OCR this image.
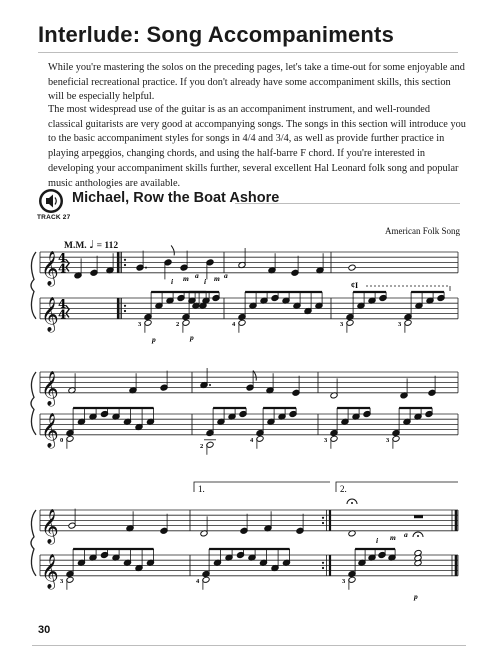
Interlude: Song Accompaniments

While you're mastering the solos on the preceding pages, let's take a time-out for some enjoyable and beneficial recreational practice. If you don't already have some accompaniment skills, this section will be especially helpful.

The most widespread use of the guitar is as an accompaniment instrument, and well-rounded classical guitarists are very good at accompanying songs. The songs in this section will introduce you to the basic accompaniment styles for songs in 4/4 and 3/4, as well as provide further practice in playing arpeggios, changing chords, and using the half-barre F chord. If you're interested in developing your accompaniment skills further, several excellent Hal Leonard folk song and popular music anthologies are available.

Michael, Row the Boat Ashore
TRACK 27
American Folk Song
M.M. ♩ = 112
𝄞
𝄞
4
4
4
4
3	2	4	3	3
i m a
i m a
p	p
¢I
𝄞
𝄞 0
2
4	3	3
𝄞
𝄞 3	4	3
i m a
p
1.	2.
30
